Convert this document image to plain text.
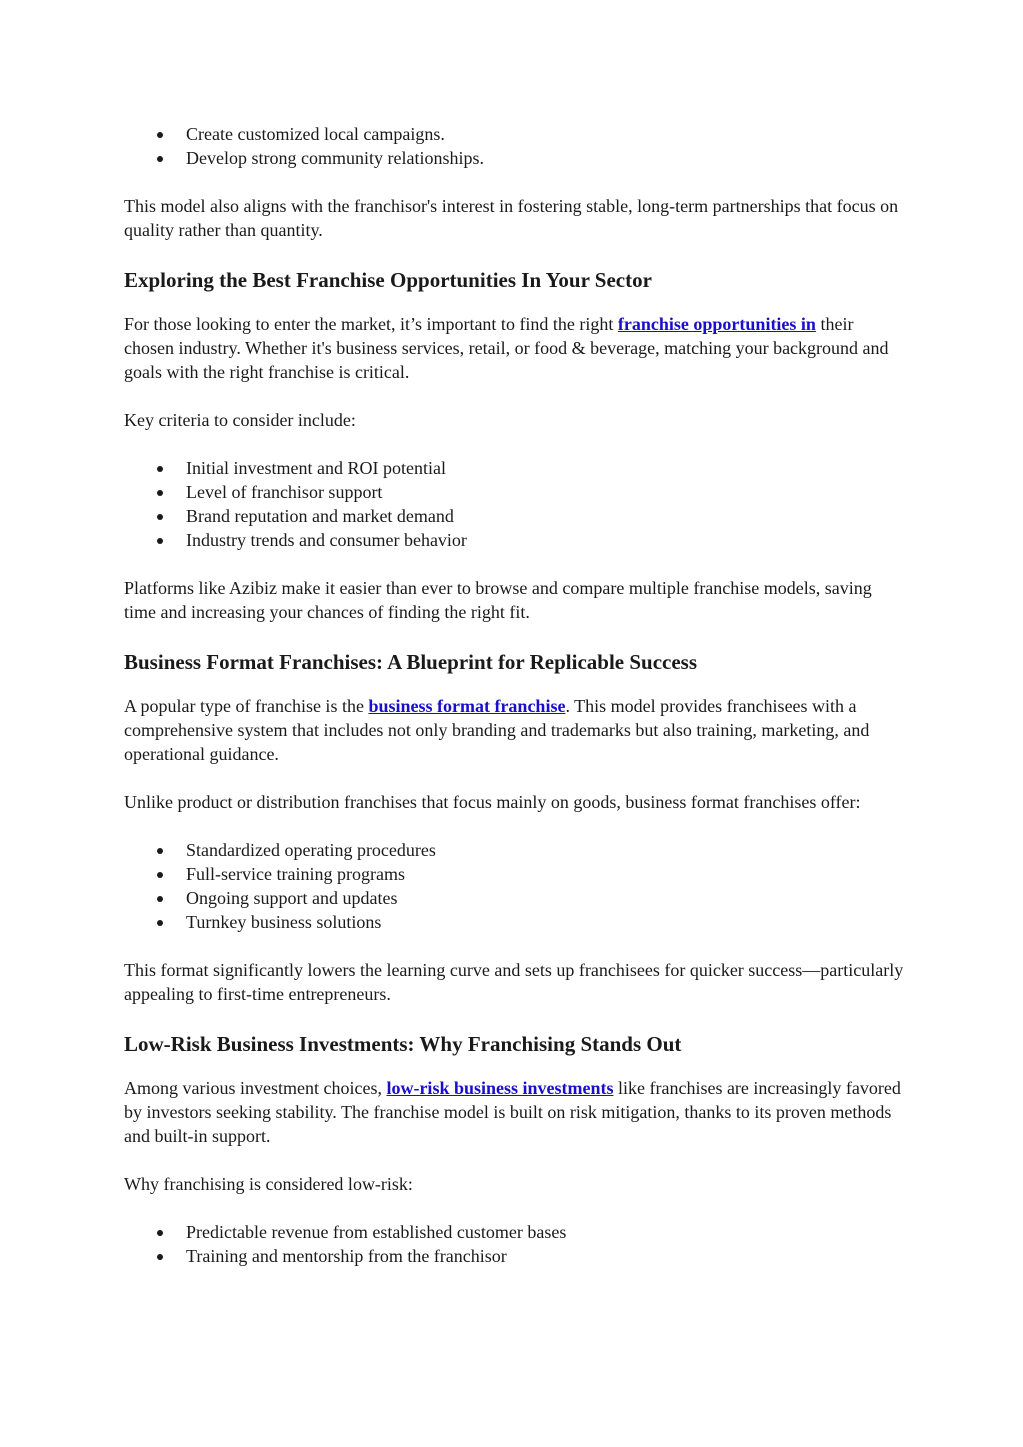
Create customized local campaigns.
Develop strong community relationships.

This model also aligns with the franchisor's interest in fostering stable, long-term partnerships that focus on quality rather than quantity.

Exploring the Best Franchise Opportunities In Your Sector

For those looking to enter the market, it’s important to find the right franchise opportunities in their chosen industry. Whether it's business services, retail, or food & beverage, matching your background and goals with the right franchise is critical.

Key criteria to consider include:

Initial investment and ROI potential
Level of franchisor support
Brand reputation and market demand
Industry trends and consumer behavior

Platforms like Azibiz make it easier than ever to browse and compare multiple franchise models, saving time and increasing your chances of finding the right fit.

Business Format Franchises: A Blueprint for Replicable Success

A popular type of franchise is the business format franchise. This model provides franchisees with a comprehensive system that includes not only branding and trademarks but also training, marketing, and operational guidance.

Unlike product or distribution franchises that focus mainly on goods, business format franchises offer:

Standardized operating procedures
Full-service training programs
Ongoing support and updates
Turnkey business solutions

This format significantly lowers the learning curve and sets up franchisees for quicker success—particularly appealing to first-time entrepreneurs.

Low-Risk Business Investments: Why Franchising Stands Out

Among various investment choices, low-risk business investments like franchises are increasingly favored by investors seeking stability. The franchise model is built on risk mitigation, thanks to its proven methods and built-in support.

Why franchising is considered low-risk:

Predictable revenue from established customer bases
Training and mentorship from the franchisor
